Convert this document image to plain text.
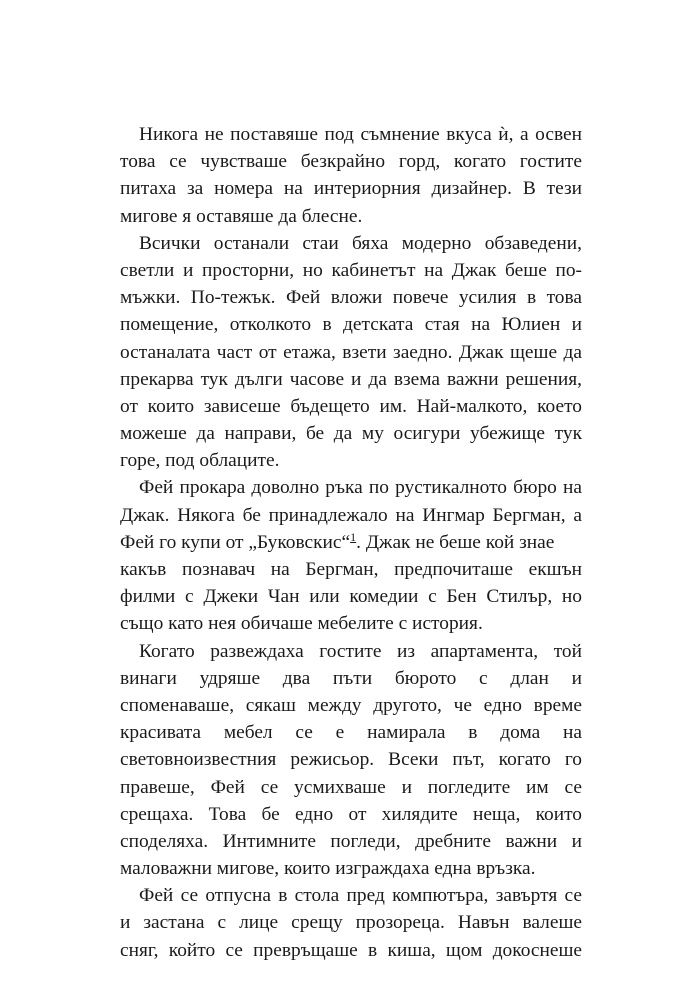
Никога не поставяше под съмнение вкуса ѝ, а освен
това се чувстваше безкрайно горд, когато гостите
питаха за номера на интериорния дизайнер. В тези
мигове я оставяше да блесне.

Всички останали стаи бяха модерно обзаведени,
светли и просторни, но кабинетът на Джак беше по-
мъжки. По-тежък. Фей вложи повече усилия в това
помещение, отколкото в детската стая на Юлиен и
останалата част от етажа, взети заедно. Джак щеше да
прекарва тук дълги часове и да взема важни решения,
от които зависеше бъдещето им. Най-малкото, което
можеше да направи, бе да му осигури убежище тук
горе, под облаците.

Фей прокара доволно ръка по рустикалното бюро на
Джак. Някога бе принадлежало на Ингмар Бергман, а
Фей го купи от „Буковскис“$^1$. Джак не беше кой знае
какъв познавач на Бергман, предпочиташе екшън
филми с Джеки Чан или комедии с Бен Стилър, но
също като нея обичаше мебелите с история.

Когато развеждаха гостите из апартамента, той
винаги удряше два пъти бюрото с длан и
споменаваше, сякаш между другото, че едно време
красивата мебел се е намирала в дома на
световноизвестния режисьор. Всеки път, когато го
правеше, Фей се усмихваше и погледите им се
срещаха. Това бе едно от хилядите неща, които
споделяха. Интимните погледи, дребните важни и
маловажни мигове, които изграждаха една връзка.

Фей се отпусна в стола пред компютъра, завъртя се
и застана с лице срещу прозореца. Навън валеше
сняг, който се превръщаше в киша, щом докоснеше
